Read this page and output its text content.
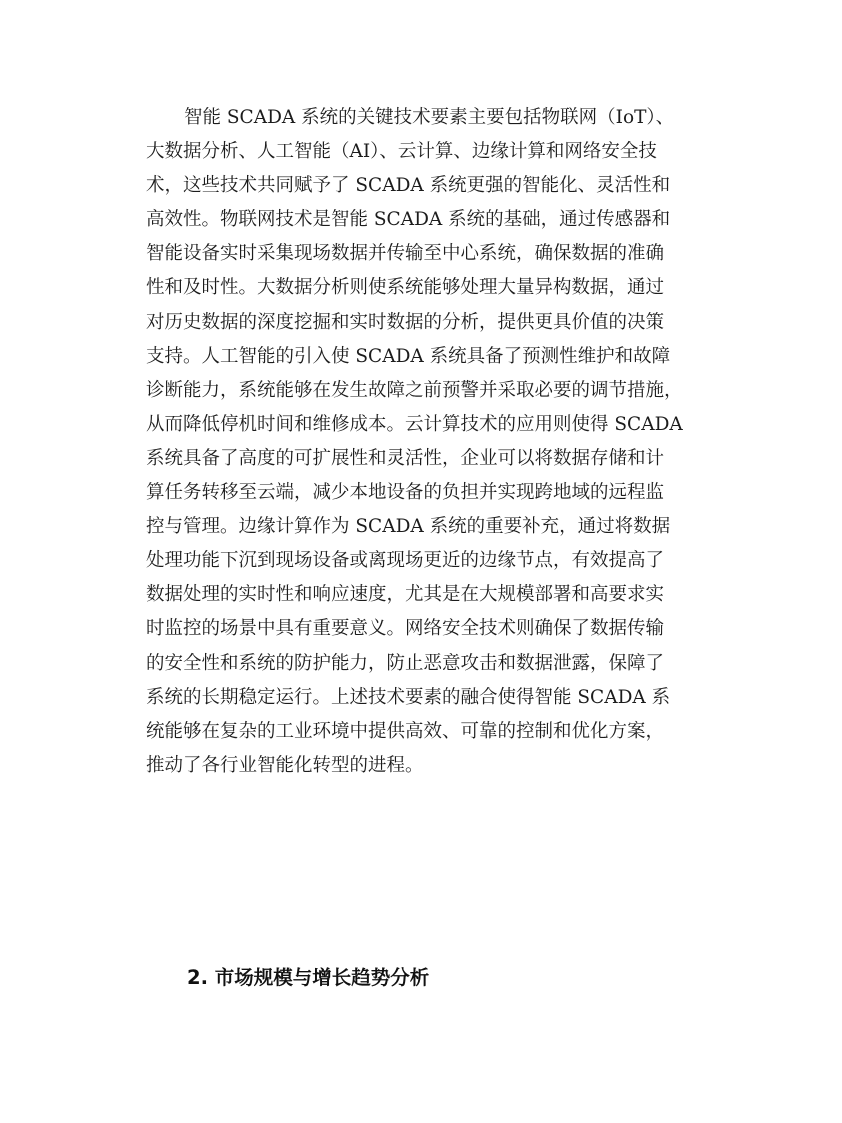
智能 SCADA 系统的关键技术要素主要包括物联网（IoT）、
大数据分析、人工智能（AI）、云计算、边缘计算和网络安全技
术，这些技术共同赋予了 SCADA 系统更强的智能化、灵活性和
高效性。物联网技术是智能 SCADA 系统的基础，通过传感器和
智能设备实时采集现场数据并传输至中心系统，确保数据的准确
性和及时性。大数据分析则使系统能够处理大量异构数据，通过
对历史数据的深度挖掘和实时数据的分析，提供更具价值的决策
支持。人工智能的引入使 SCADA 系统具备了预测性维护和故障
诊断能力，系统能够在发生故障之前预警并采取必要的调节措施，
从而降低停机时间和维修成本。云计算技术的应用则使得 SCADA
系统具备了高度的可扩展性和灵活性，企业可以将数据存储和计
算任务转移至云端，减少本地设备的负担并实现跨地域的远程监
控与管理。边缘计算作为 SCADA 系统的重要补充，通过将数据
处理功能下沉到现场设备或离现场更近的边缘节点，有效提高了
数据处理的实时性和响应速度，尤其是在大规模部署和高要求实
时监控的场景中具有重要意义。网络安全技术则确保了数据传输
的安全性和系统的防护能力，防止恶意攻击和数据泄露，保障了
系统的长期稳定运行。上述技术要素的融合使得智能 SCADA 系
统能够在复杂的工业环境中提供高效、可靠的控制和优化方案，
推动了各行业智能化转型的进程。
2. 市场规模与增长趋势分析
